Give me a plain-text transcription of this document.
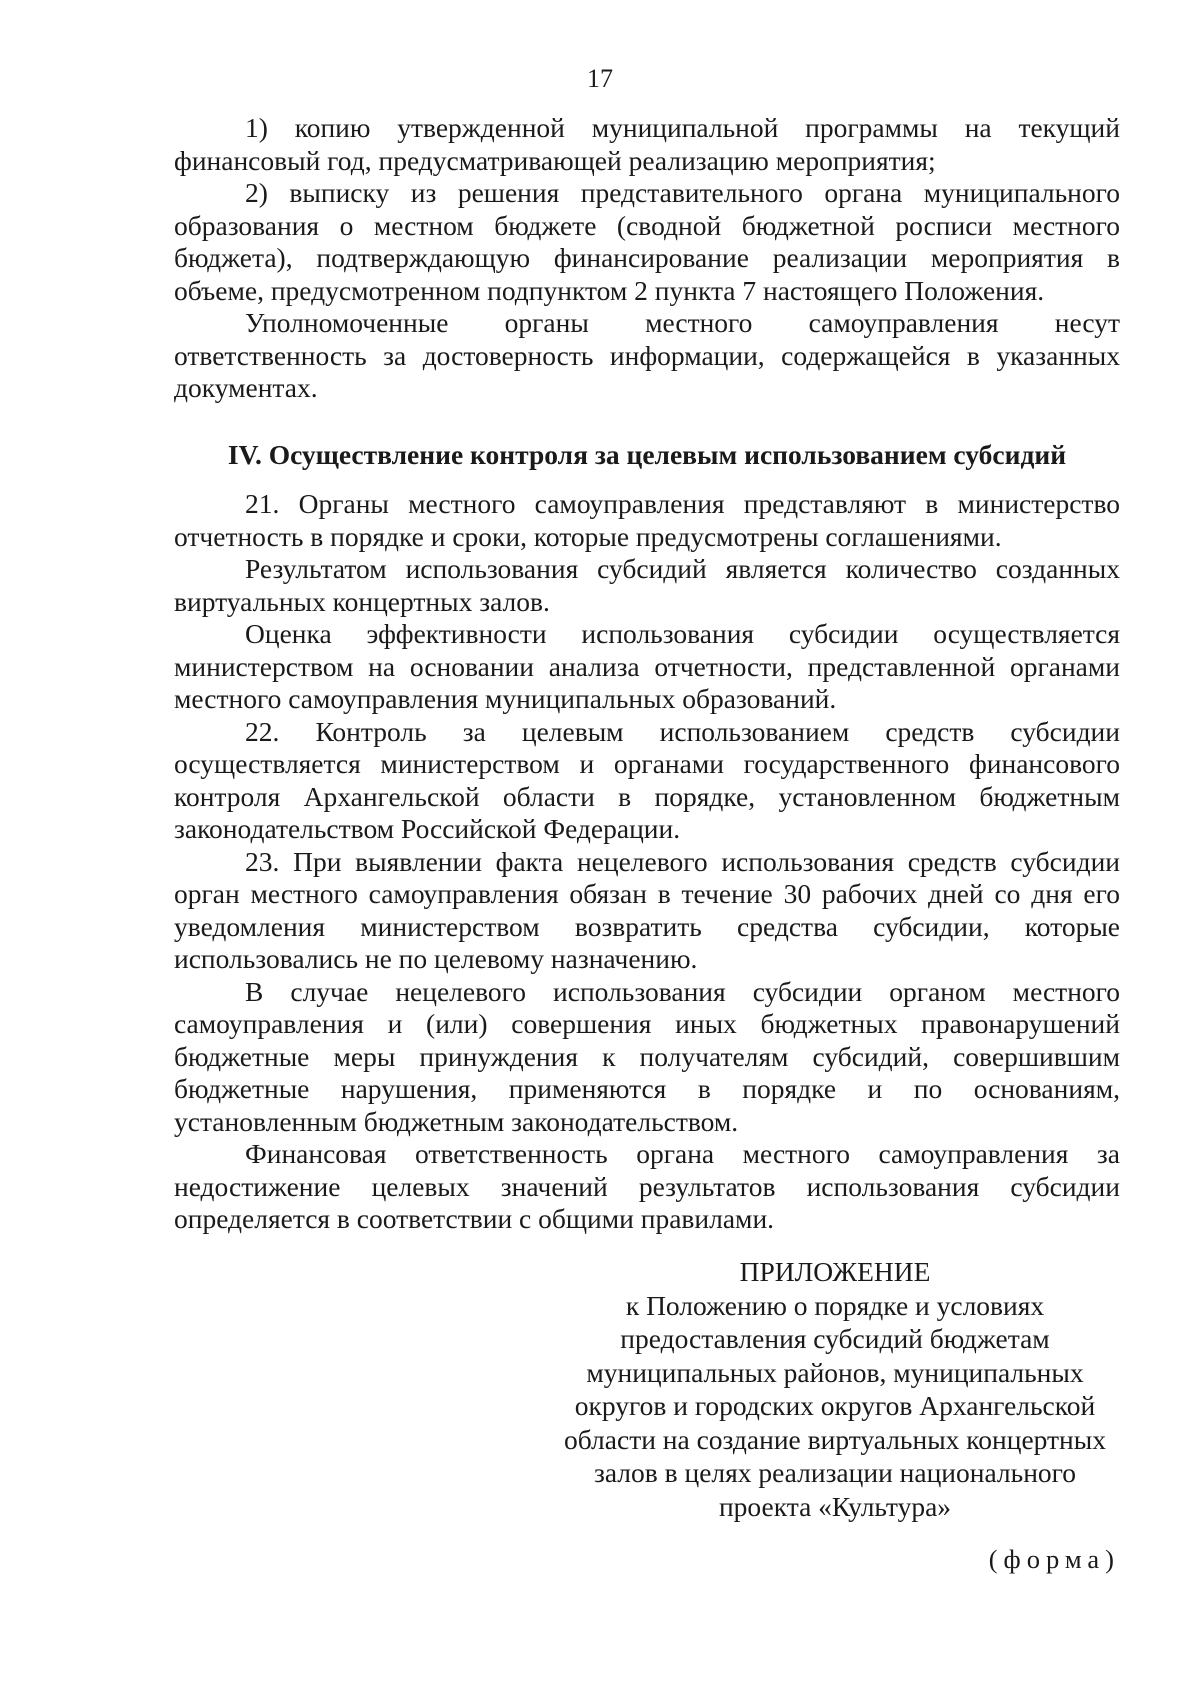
17

1) копию утвержденной муниципальной программы на текущий финансовый год, предусматривающей реализацию мероприятия;

2) выписку из решения представительного органа муниципального образования о местном бюджете (сводной бюджетной росписи местного бюджета), подтверждающую финансирование реализации мероприятия в объеме, предусмотренном подпунктом 2 пункта 7 настоящего Положения.

Уполномоченные органы местного самоуправления несут ответственность за достоверность информации, содержащейся в указанных документах.

IV. Осуществление контроля за целевым использованием субсидий

21. Органы местного самоуправления представляют в министерство отчетность в порядке и сроки, которые предусмотрены соглашениями.

Результатом использования субсидий является количество созданных виртуальных концертных залов.

Оценка эффективности использования субсидии осуществляется министерством на основании анализа отчетности, представленной органами местного самоуправления муниципальных образований.

22. Контроль за целевым использованием средств субсидии осуществляется министерством и органами государственного финансового контроля Архангельской области в порядке, установленном бюджетным законодательством Российской Федерации.

23. При выявлении факта нецелевого использования средств субсидии орган местного самоуправления обязан в течение 30 рабочих дней со дня его уведомления министерством возвратить средства субсидии, которые использовались не по целевому назначению.

В случае нецелевого использования субсидии органом местного самоуправления и (или) совершения иных бюджетных правонарушений бюджетные меры принуждения к получателям субсидий, совершившим бюджетные нарушения, применяются в порядке и по основаниям, установленным бюджетным законодательством.

Финансовая ответственность органа местного самоуправления за недостижение целевых значений результатов использования субсидии определяется в соответствии с общими правилами.

ПРИЛОЖЕНИЕ
к Положению о порядке и условиях предоставления субсидий бюджетам муниципальных районов, муниципальных округов и городских округов Архангельской области на создание виртуальных концертных залов в целях реализации национального проекта «Культура»
(форма)
